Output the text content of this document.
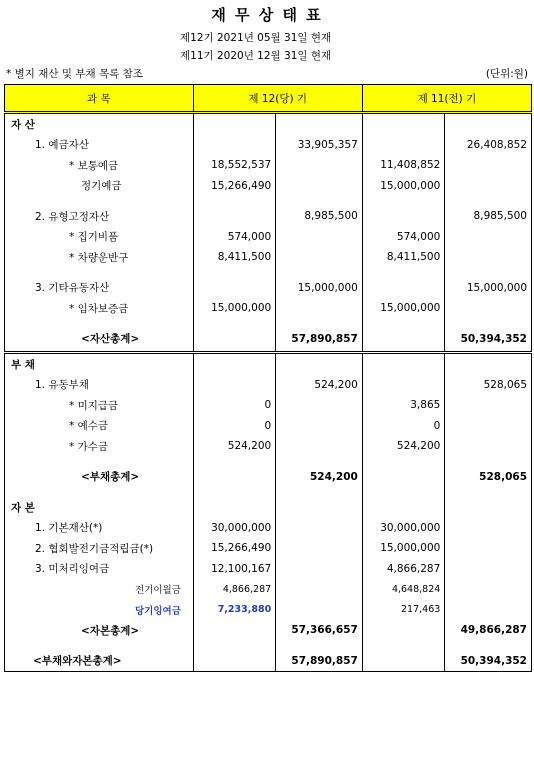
재 무 상 태 표
제12기 2021년 05월 31일 현재
제11기 2020년 12월 31일 현재
* 별지 재산 및 부채 목록 참조	(단위:원)
과 목	제 12(당) 기		제 11(전) 기	
자 산				
1. 예금자산		33,905,357		26,408,852
* 보통예금	18,552,537		11,408,852	
정기예금	15,266,490		15,000,000	

2. 유형고정자산		8,985,500		8,985,500
* 집기비품	574,000		574,000	
* 차량운반구	8,411,500		8,411,500	

3. 기타유동자산		15,000,000		15,000,000
* 임차보증금	15,000,000		15,000,000	

<자산총계>		57,890,857		50,394,352

부 채				
1. 유동부채		524,200		528,065
* 미지급금	0		3,865	
* 예수금	0		0	
* 가수금	524,200		524,200	

<부채총계>		524,200		528,065

자 본				
1. 기본재산(*)	30,000,000		30,000,000	
2. 협회발전기금적립금(*)	15,266,490		15,000,000	
3. 미처리잉여금	12,100,167		4,866,287	
전기이월금	4,866,287		4,648,824	
당기잉여금	7,233,880		217,463	
<자본총계>		57,366,657		49,866,287

<부채와자본총계>		57,890,857		50,394,352
